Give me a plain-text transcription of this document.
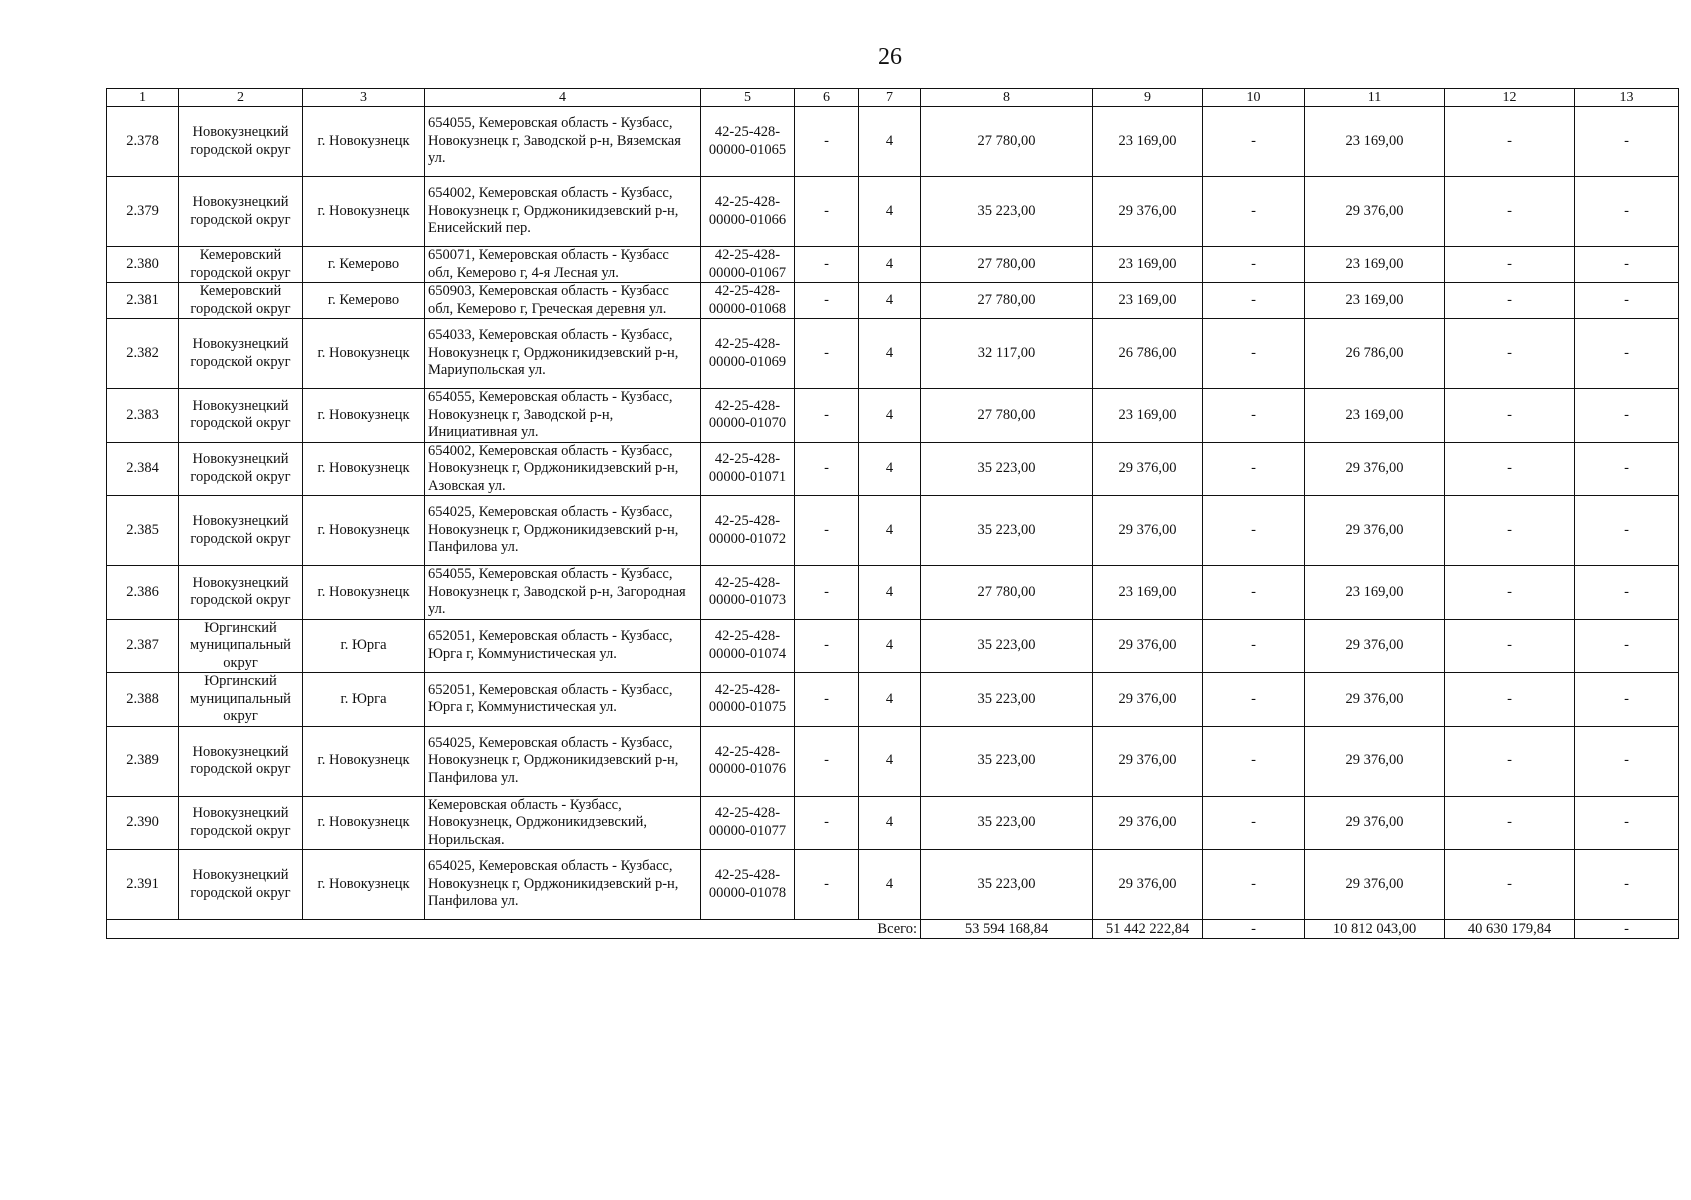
26
1	2	3	4	5	6	7	8	9	10	11	12	13
2.378	Новокузнецкий городской округ	г. Новокузнецк	654055, Кемеровская область - Кузбасс, Новокузнецк г, Заводской р-н, Вяземская ул.	42-25-428-00000-01065	-	4	27 780,00	23 169,00	-	23 169,00	-	-
2.379	Новокузнецкий городской округ	г. Новокузнецк	654002, Кемеровская область - Кузбасс, Новокузнецк г, Орджоникидзевский р-н, Енисейский пер.	42-25-428-00000-01066	-	4	35 223,00	29 376,00	-	29 376,00	-	-
2.380	Кемеровский городской округ	г. Кемерово	650071, Кемеровская область - Кузбасс обл, Кемерово г, 4-я Лесная ул.	42-25-428-00000-01067	-	4	27 780,00	23 169,00	-	23 169,00	-	-
2.381	Кемеровский городской округ	г. Кемерово	650903, Кемеровская область - Кузбасс обл, Кемерово г, Греческая деревня ул.	42-25-428-00000-01068	-	4	27 780,00	23 169,00	-	23 169,00	-	-
2.382	Новокузнецкий городской округ	г. Новокузнецк	654033, Кемеровская область - Кузбасс, Новокузнецк г, Орджоникидзевский р-н, Мариупольская ул.	42-25-428-00000-01069	-	4	32 117,00	26 786,00	-	26 786,00	-	-
2.383	Новокузнецкий городской округ	г. Новокузнецк	654055, Кемеровская область - Кузбасс, Новокузнецк г, Заводской р-н, Инициативная ул.	42-25-428-00000-01070	-	4	27 780,00	23 169,00	-	23 169,00	-	-
2.384	Новокузнецкий городской округ	г. Новокузнецк	654002, Кемеровская область - Кузбасс, Новокузнецк г, Орджоникидзевский р-н, Азовская ул.	42-25-428-00000-01071	-	4	35 223,00	29 376,00	-	29 376,00	-	-
2.385	Новокузнецкий городской округ	г. Новокузнецк	654025, Кемеровская область - Кузбасс, Новокузнецк г, Орджоникидзевский р-н, Панфилова ул.	42-25-428-00000-01072	-	4	35 223,00	29 376,00	-	29 376,00	-	-
2.386	Новокузнецкий городской округ	г. Новокузнецк	654055, Кемеровская область - Кузбасс, Новокузнецк г, Заводской р-н, Загородная ул.	42-25-428-00000-01073	-	4	27 780,00	23 169,00	-	23 169,00	-	-
2.387	Юргинский муниципальный округ	г. Юрга	652051, Кемеровская область - Кузбасс, Юрга г, Коммунистическая ул.	42-25-428-00000-01074	-	4	35 223,00	29 376,00	-	29 376,00	-	-
2.388	Юргинский муниципальный округ	г. Юрга	652051, Кемеровская область - Кузбасс, Юрга г, Коммунистическая ул.	42-25-428-00000-01075	-	4	35 223,00	29 376,00	-	29 376,00	-	-
2.389	Новокузнецкий городской округ	г. Новокузнецк	654025, Кемеровская область - Кузбасс, Новокузнецк г, Орджоникидзевский р-н, Панфилова ул.	42-25-428-00000-01076	-	4	35 223,00	29 376,00	-	29 376,00	-	-
2.390	Новокузнецкий городской округ	г. Новокузнецк	Кемеровская область - Кузбасс, Новокузнецк, Орджоникидзевский, Норильская.	42-25-428-00000-01077	-	4	35 223,00	29 376,00	-	29 376,00	-	-
2.391	Новокузнецкий городской округ	г. Новокузнецк	654025, Кемеровская область - Кузбасс, Новокузнецк г, Орджоникидзевский р-н, Панфилова ул.	42-25-428-00000-01078	-	4	35 223,00	29 376,00	-	29 376,00	-	-
Всего:							53 594 168,84	51 442 222,84	-	10 812 043,00	40 630 179,84	-
